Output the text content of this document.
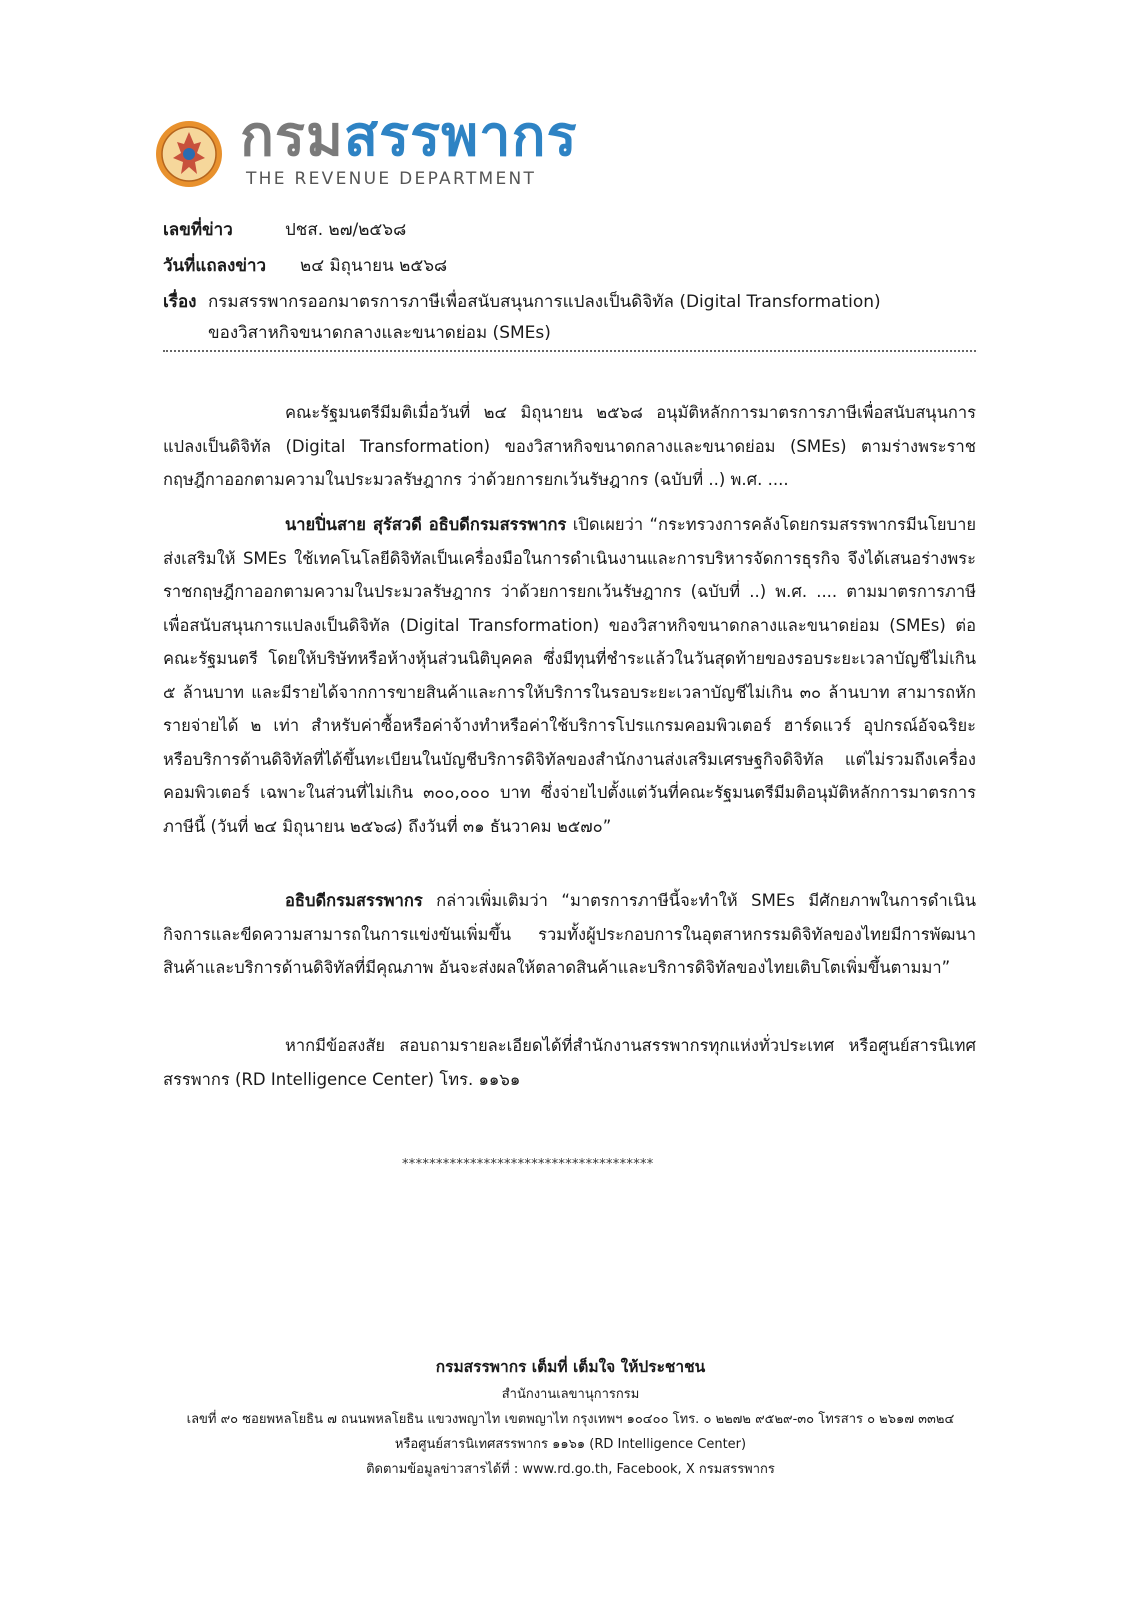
กรมสรรพากร
THE REVENUE DEPARTMENT
เลขที่ข่าว	ปชส. ๒๗/๒๕๖๘
วันที่แถลงข่าว ๒๔ มิถุนายน ๒๕๖๘
เรื่อง กรมสรรพากรออกมาตรการภาษีเพื่อสนับสนุนการแปลงเป็นดิจิทัล (Digital Transformation)
ของวิสาหกิจขนาดกลางและขนาดย่อม (SMEs)

คณะรัฐมนตรีมีมติเมื่อวันที่ ๒๔ มิถุนายน ๒๕๖๘ อนุมัติหลักการมาตรการภาษีเพื่อสนับสนุนการแปลงเป็นดิจิทัล (Digital Transformation) ของวิสาหกิจขนาดกลางและขนาดย่อม (SMEs) ตามร่างพระราชกฤษฎีกาออกตามความในประมวลรัษฎากร ว่าด้วยการยกเว้นรัษฎากร (ฉบับที่ ..) พ.ศ. ....

นายปิ่นสาย สุรัสวดี อธิบดีกรมสรรพากร เปิดเผยว่า “กระทรวงการคลังโดยกรมสรรพากรมีนโยบายส่งเสริมให้ SMEs ใช้เทคโนโลยีดิจิทัลเป็นเครื่องมือในการดำเนินงานและการบริหารจัดการธุรกิจ จึงได้เสนอร่างพระราชกฤษฎีกาออกตามความในประมวลรัษฎากร ว่าด้วยการยกเว้นรัษฎากร (ฉบับที่ ..) พ.ศ. .... ตามมาตรการภาษีเพื่อสนับสนุนการแปลงเป็นดิจิทัล (Digital Transformation) ของวิสาหกิจขนาดกลางและขนาดย่อม (SMEs) ต่อคณะรัฐมนตรี โดยให้บริษัทหรือห้างหุ้นส่วนนิติบุคคล ซึ่งมีทุนที่ชำระแล้วในวันสุดท้ายของรอบระยะเวลาบัญชีไม่เกิน ๕ ล้านบาท และมีรายได้จากการขายสินค้าและการให้บริการในรอบระยะเวลาบัญชีไม่เกิน ๓๐ ล้านบาท สามารถหักรายจ่ายได้ ๒ เท่า สำหรับค่าซื้อหรือค่าจ้างทำหรือค่าใช้บริการโปรแกรมคอมพิวเตอร์ ฮาร์ดแวร์ อุปกรณ์อัจฉริยะ หรือบริการด้านดิจิทัลที่ได้ขึ้นทะเบียนในบัญชีบริการดิจิทัลของสำนักงานส่งเสริมเศรษฐกิจดิจิทัล แต่ไม่รวมถึงเครื่องคอมพิวเตอร์ เฉพาะในส่วนที่ไม่เกิน ๓๐๐,๐๐๐ บาท ซึ่งจ่ายไปตั้งแต่วันที่คณะรัฐมนตรีมีมติอนุมัติหลักการมาตรการภาษีนี้ (วันที่ ๒๔ มิถุนายน ๒๕๖๘) ถึงวันที่ ๓๑ ธันวาคม ๒๕๗๐”

อธิบดีกรมสรรพากร กล่าวเพิ่มเติมว่า “มาตรการภาษีนี้จะทำให้ SMEs มีศักยภาพในการดำเนินกิจการและขีดความสามารถในการแข่งขันเพิ่มขึ้น รวมทั้งผู้ประกอบการในอุตสาหกรรมดิจิทัลของไทยมีการพัฒนาสินค้าและบริการด้านดิจิทัลที่มีคุณภาพ อันจะส่งผลให้ตลาดสินค้าและบริการดิจิทัลของไทยเติบโตเพิ่มขึ้นตามมา”

หากมีข้อสงสัย สอบถามรายละเอียดได้ที่สำนักงานสรรพากรทุกแห่งทั่วประเทศ หรือศูนย์สารนิเทศสรรพากร (RD Intelligence Center) โทร. ๑๑๖๑

*************************************
กรมสรรพากร เต็มที่ เต็มใจ ให้ประชาชน
สำนักงานเลขานุการกรม
เลขที่ ๙๐ ซอยพหลโยธิน ๗ ถนนพหลโยธิน แขวงพญาไท เขตพญาไท กรุงเทพฯ ๑๐๔๐๐ โทร. ๐ ๒๒๗๒ ๙๕๒๙-๓๐ โทรสาร ๐ ๒๖๑๗ ๓๓๒๔
หรือศูนย์สารนิเทศสรรพากร ๑๑๖๑ (RD Intelligence Center)
ติดตามข้อมูลข่าวสารได้ที่ : www.rd.go.th, Facebook, X กรมสรรพากร
